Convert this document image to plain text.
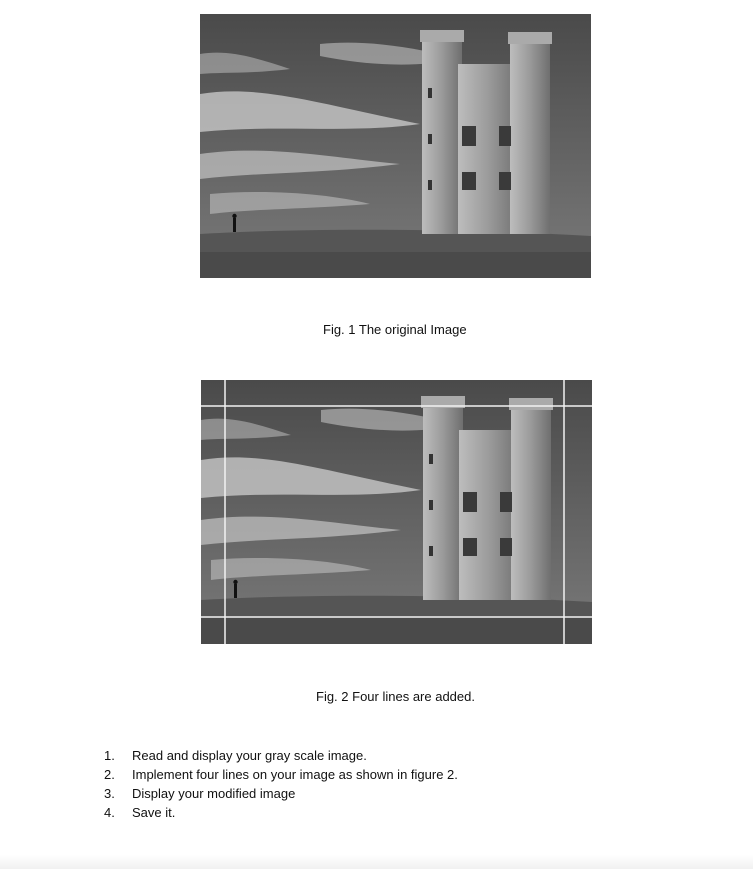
Fig. 1 The original Image
Fig. 2 Four lines are added.
1.	Read and display your gray scale image.
2.	Implement four lines on your image as shown in figure 2.
3.	Display your modified image
4.	Save it.
